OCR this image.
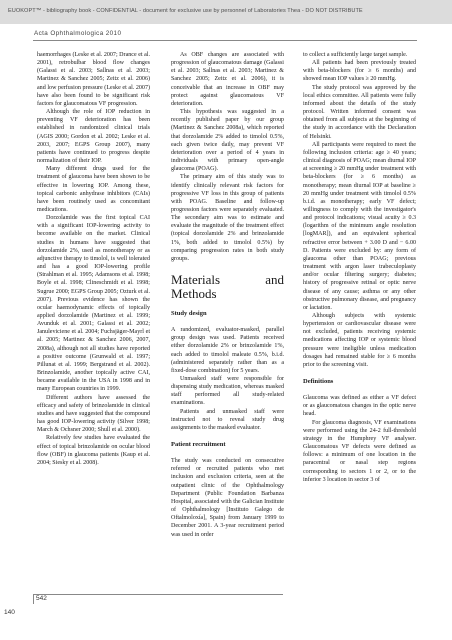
EUOKOPT™ - bibliography book - CONFIDENTIAL - document for exclusive use by personnel of Laboratories Thea - DO NOT DISTRIBUTE
Acta Ophthalmologica 2010

haemorrhages (Leske et al. 2007; Drance et al. 2001), retrobulbar blood flow changes (Galassi et al. 2003; Sallnas et al. 2003; Martinez & Sanchez 2005; Zeitz et al. 2006) and low perfusion pressure (Leske et al. 2007) have also been found to be significant risk factors for glaucomatous VF progression.

Although the role of IOP reduction in preventing VF deterioration has been established in randomized clinical trials (AGIS 2000; Gordon et al. 2002; Leske et al. 2003, 2007; EGPS Group 2007), many patients have continued to progress despite normalization of their IOP.

Many different drugs used for the treatment of glaucoma have been shown to be effective in lowering IOP. Among these, topical carbonic anhydrase inhibitors (CAIs) have been routinely used as concomitant medications.

Dorzolamide was the first topical CAI with a significant IOP-lowering activity to become available on the market. Clinical studies in humans have suggested that dorzolamide 2%, used as monotherapy or as adjunctive therapy to timolol, is well tolerated and has a good IOP-lowering profile (Strahlman et al. 1995; Adamsons et al. 1998; Boyle et al. 1998; Clineschmidt et al. 1998; Sugrue 2000; EGPS Group 2005; Ozturk et al. 2007). Previous evidence has shown the ocular haemodynamic effects of topically applied dorzolamide (Martinez et al. 1999; Avunduk et al. 2001; Galassi et al. 2002; Januleviciene et al. 2004; Fuchsjäger-Mayrl et al. 2005; Martinez & Sanchez 2006, 2007, 2008a), although not all studies have reported a positive outcome (Grunwald et al. 1997; Pillunat et al. 1999; Bergstrand et al. 2002). Brinzolamide, another topically active CAI, became available in the USA in 1998 and in many European countries in 1999.

Different authors have assessed the efficacy and safety of brinzolamide in clinical studies and have suggested that the compound has good IOP-lowering activity (Silver 1998; March & Ochsner 2000; Shull et al. 2000).

Relatively few studies have evaluated the effect of topical brinzolamide on ocular blood flow (OBF) in glaucoma patients (Kaup et al. 2004; Siesky et al. 2008).

As OBF changes are associated with progression of glaucomatous damage (Galassi et al. 2003; Sallnas et al. 2003; Martinez & Sanchez 2005; Zeitz et al. 2006), it is conceivable that an increase in OBF may protect against glaucomatous VF deterioration.

This hypothesis was suggested in a recently published paper by our group (Martinez & Sanchez 2008a), which reported that dorzolamide 2% added to timolol 0.5%, each given twice daily, may prevent VF deterioration over a period of 4 years in individuals with primary open-angle glaucoma (POAG).

The primary aim of this study was to identify clinically relevant risk factors for progressive VF loss in this group of patients with POAG. Baseline and follow-up progression factors were separately evaluated. The secondary aim was to estimate and evaluate the magnitude of the treatment effect (topical dorzolamide 2% and brinzolamide 1%, both added to timolol 0.5%) by comparing progression rates in both study groups.

Materials and Methods
Study design

A randomized, evaluator-masked, parallel group design was used. Patients received either dorzolamide 2% or brinzolamide 1%, each added to timolol maleate 0.5%, b.i.d. (administered separately rather than as a fixed-dose combination) for 5 years.

Unmasked staff were responsible for dispensing study medication, whereas masked staff performed all study-related examinations.

Patients and unmasked staff were instructed not to reveal study drug assignments to the masked evaluator.

Patient recruitment

The study was conducted on consecutive referred or recruited patients who met inclusion and exclusion criteria, seen at the outpatient clinic of the Ophthalmology Department (Public Foundation Barbanza Hospital, associated with the Galician Institute of Ophthalmology [Instituto Galego de Oftalmoloxía], Spain) from January 1999 to December 2001. A 3-year recruitment period was used in order

to collect a sufficiently large target sample.

All patients had been previously treated with beta-blockers (for ≥ 6 months) and showed mean IOP values ≥ 20 mmHg.

The study protocol was approved by the local ethics committee. All patients were fully informed about the details of the study protocol. Written informed consent was obtained from all subjects at the beginning of the study in accordance with the Declaration of Helsinki.

All participants were required to meet the following inclusion criteria: age ≥ 40 years; clinical diagnosis of POAG; mean diurnal IOP at screening ≥ 20 mmHg under treatment with beta-blockers (for ≥ 6 months) as monotherapy; mean diurnal IOP at baseline ≥ 20 mmHg under treatment with timolol 0.5% b.i.d. as monotherapy; early VF defect; willingness to comply with the investigator's and protocol indications; visual acuity ≥ 0.3 (logarithm of the minimum angle resolution [logMAR]), and an equivalent spherical refractive error between + 3.00 D and − 6.00 D. Patients were excluded by: any form of glaucoma other than POAG; previous treatment with argon laser trabeculoplasty and/or ocular filtering surgery; diabetes; history of progressive retinal or optic nerve disease of any cause; asthma or any other obstructive pulmonary disease, and pregnancy or lactation.

Although subjects with systemic hypertension or cardiovascular disease were not excluded, patients receiving systemic medications affecting IOP or systemic blood pressure were ineligible unless medication dosages had remained stable for ≥ 6 months prior to the screening visit.

Definitions

Glaucoma was defined as either a VF defect or as glaucomatous changes in the optic nerve head.

For glaucoma diagnosis, VF examinations were performed using the 24-2 full-threshold strategy in the Humphrey VF analyser. Glaucomatous VF defects were defined as follows: a minimum of one location in the paracentral or nasal step regions corresponding to sectors 1 or 2, or to the inferior 3 location in sector 3 of

542
140
